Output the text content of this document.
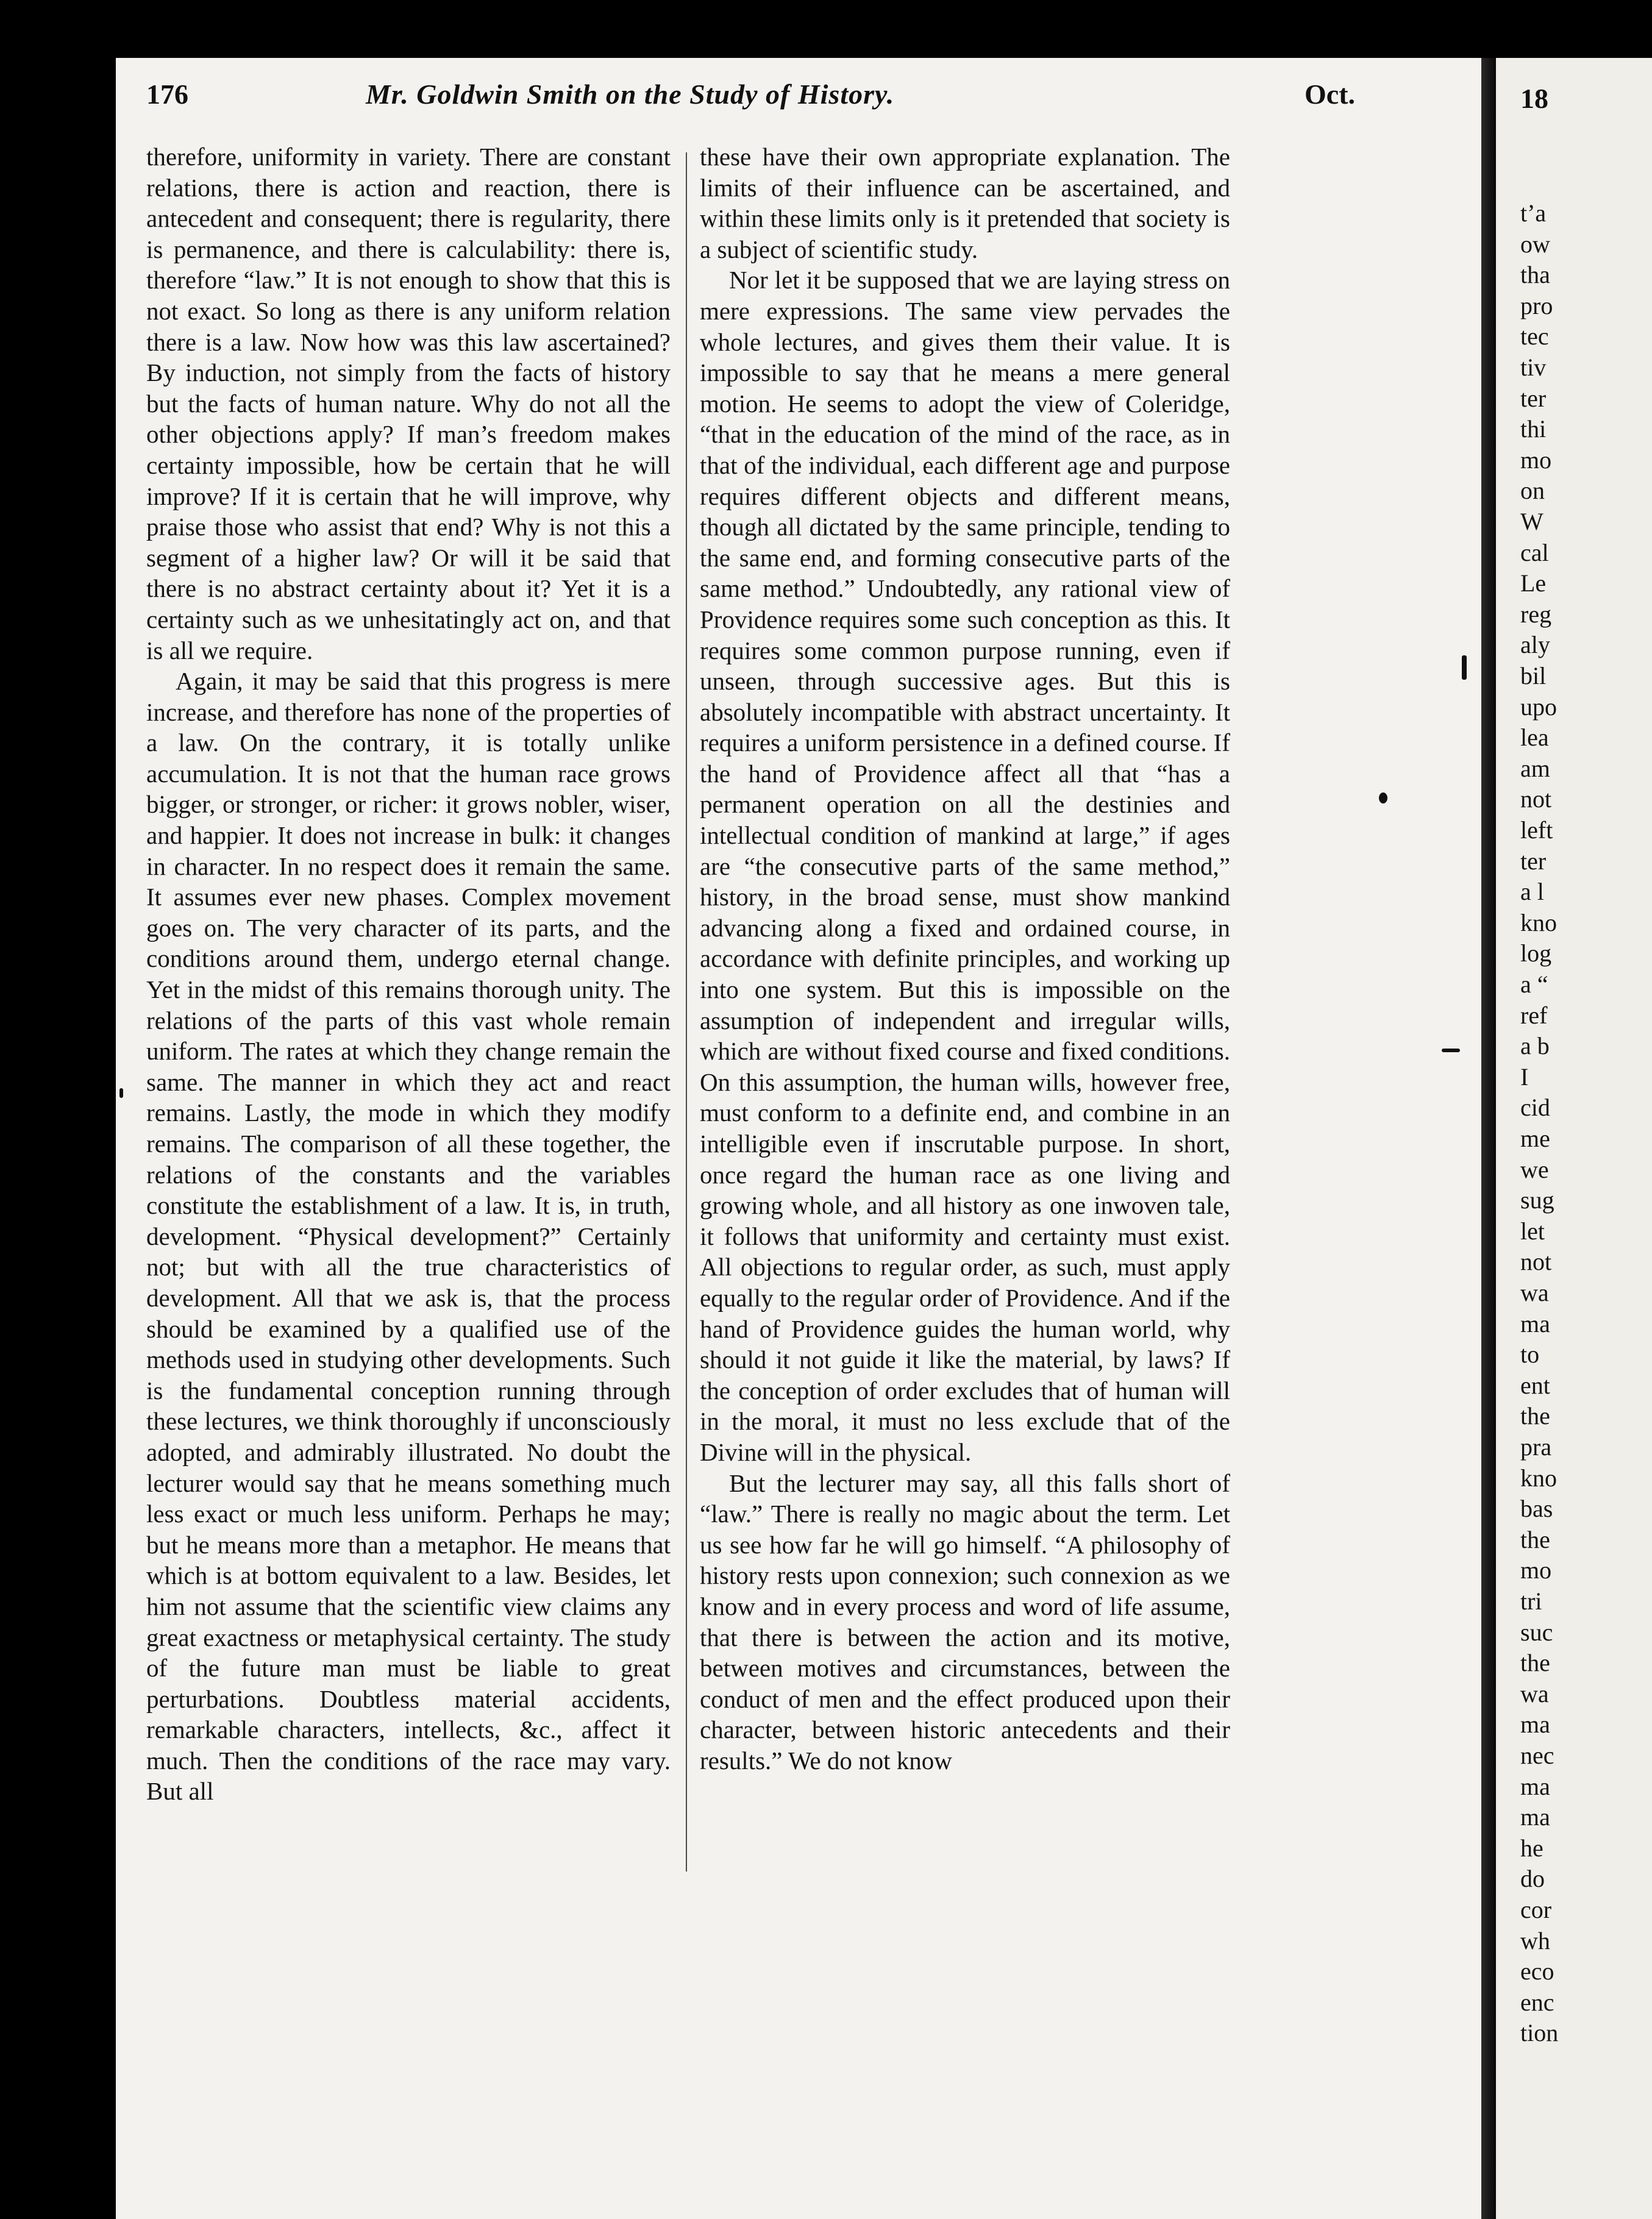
176	Mr. Goldwin Smith on the Study of History.	Oct.

therefore, uniformity in variety. There are constant relations, there is action and reaction, there is antecedent and consequent; there is regularity, there is permanence, and there is calculability: there is, therefore “law.” It is not enough to show that this is not exact. So long as there is any uniform relation there is a law. Now how was this law ascertained? By induction, not simply from the facts of history but the facts of human nature. Why do not all the other objections apply? If man’s freedom makes certainty impossible, how be certain that he will improve? If it is certain that he will improve, why praise those who assist that end? Why is not this a segment of a higher law? Or will it be said that there is no abstract certainty about it? Yet it is a certainty such as we unhesitatingly act on, and that is all we require.

Again, it may be said that this progress is mere increase, and therefore has none of the properties of a law. On the contrary, it is totally unlike accumulation. It is not that the human race grows bigger, or stronger, or richer: it grows nobler, wiser, and happier. It does not increase in bulk: it changes in character. In no respect does it remain the same. It assumes ever new phases. Complex movement goes on. The very character of its parts, and the conditions around them, undergo eternal change. Yet in the midst of this remains thorough unity. The relations of the parts of this vast whole remain uniform. The rates at which they change remain the same. The manner in which they act and react remains. Lastly, the mode in which they modify remains. The comparison of all these together, the relations of the constants and the variables constitute the establishment of a law. It is, in truth, development. “Physical development?” Certainly not; but with all the true characteristics of development. All that we ask is, that the process should be examined by a qualified use of the methods used in studying other developments. Such is the fundamental conception running through these lectures, we think thoroughly if unconsciously adopted, and admirably illustrated. No doubt the lecturer would say that he means something much less exact or much less uniform. Perhaps he may; but he means more than a metaphor. He means that which is at bottom equivalent to a law. Besides, let him not assume that the scientific view claims any great exactness or metaphysical certainty. The study of the future man must be liable to great perturbations. Doubtless material accidents, remarkable characters, intellects, &c., affect it much. Then the conditions of the race may vary. But all

these have their own appropriate explanation. The limits of their influence can be ascertained, and within these limits only is it pretended that society is a subject of scientific study.

Nor let it be supposed that we are laying stress on mere expressions. The same view pervades the whole lectures, and gives them their value. It is impossible to say that he means a mere general motion. He seems to adopt the view of Coleridge, “that in the education of the mind of the race, as in that of the individual, each different age and purpose requires different objects and different means, though all dictated by the same principle, tending to the same end, and forming consecutive parts of the same method.” Undoubtedly, any rational view of Providence requires some such conception as this. It requires some common purpose running, even if unseen, through successive ages. But this is absolutely incompatible with abstract uncertainty. It requires a uniform persistence in a defined course. If the hand of Providence affect all that “has a permanent operation on all the destinies and intellectual condition of mankind at large,” if ages are “the consecutive parts of the same method,” history, in the broad sense, must show mankind advancing along a fixed and ordained course, in accordance with definite principles, and working up into one system. But this is impossible on the assumption of independent and irregular wills, which are without fixed course and fixed conditions. On this assumption, the human wills, however free, must conform to a definite end, and combine in an intelligible even if inscrutable purpose. In short, once regard the human race as one living and growing whole, and all history as one inwoven tale, it follows that uniformity and certainty must exist. All objections to regular order, as such, must apply equally to the regular order of Providence. And if the hand of Providence guides the human world, why should it not guide it like the material, by laws? If the conception of order excludes that of human will in the moral, it must no less exclude that of the Divine will in the physical.

But the lecturer may say, all this falls short of “law.” There is really no magic about the term. Let us see how far he will go himself. “A philosophy of history rests upon connexion; such connexion as we know and in every process and word of life assume, that there is between the action and its motive, between motives and circumstances, between the conduct of men and the effect produced upon their character, between historic antecedents and their results.” We do not know

18
t’a
ow
tha
pro
tec
tiv
ter
thi
mo
on
W
cal
Le
reg
aly
bil
upo
lea
am
not
left
ter
a l
kno
log
a “
ref
a b
I
cid
me
we
sug
let
not
wa
ma
to
ent
the
pra
kno
bas
the
mo
tri
suc
the
wa
ma
nec
ma
ma
he
do
cor
wh
eco
enc
tion
